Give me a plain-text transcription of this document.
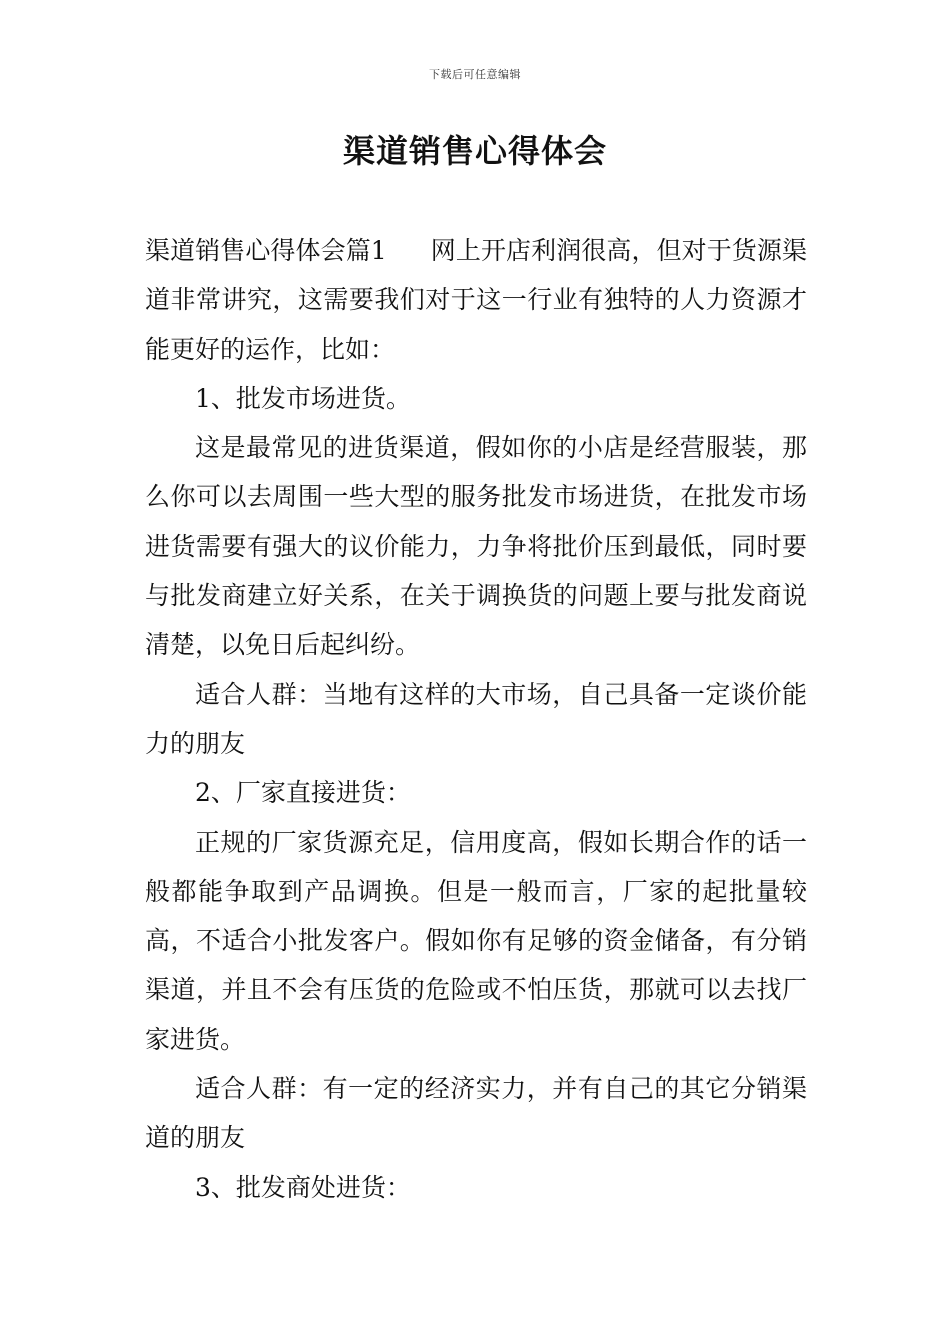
下载后可任意编辑
渠道销售心得体会

渠道销售心得体会篇1 网上开店利润很高，但对于货源渠道非常讲究，这需要我们对于这一行业有独特的人力资源才能更好的运作，比如：

1、批发市场进货。

这是最常见的进货渠道，假如你的小店是经营服装，那么你可以去周围一些大型的服务批发市场进货，在批发市场进货需要有强大的议价能力，力争将批价压到最低，同时要与批发商建立好关系，在关于调换货的问题上要与批发商说清楚，以免日后起纠纷。

适合人群：当地有这样的大市场，自己具备一定谈价能力的朋友

2、厂家直接进货：

正规的厂家货源充足，信用度高，假如长期合作的话一般都能争取到产品调换。但是一般而言，厂家的起批量较高，不适合小批发客户。假如你有足够的资金储备，有分销渠道，并且不会有压货的危险或不怕压货，那就可以去找厂家进货。

适合人群：有一定的经济实力，并有自己的其它分销渠道的朋友

3、批发商处进货：
